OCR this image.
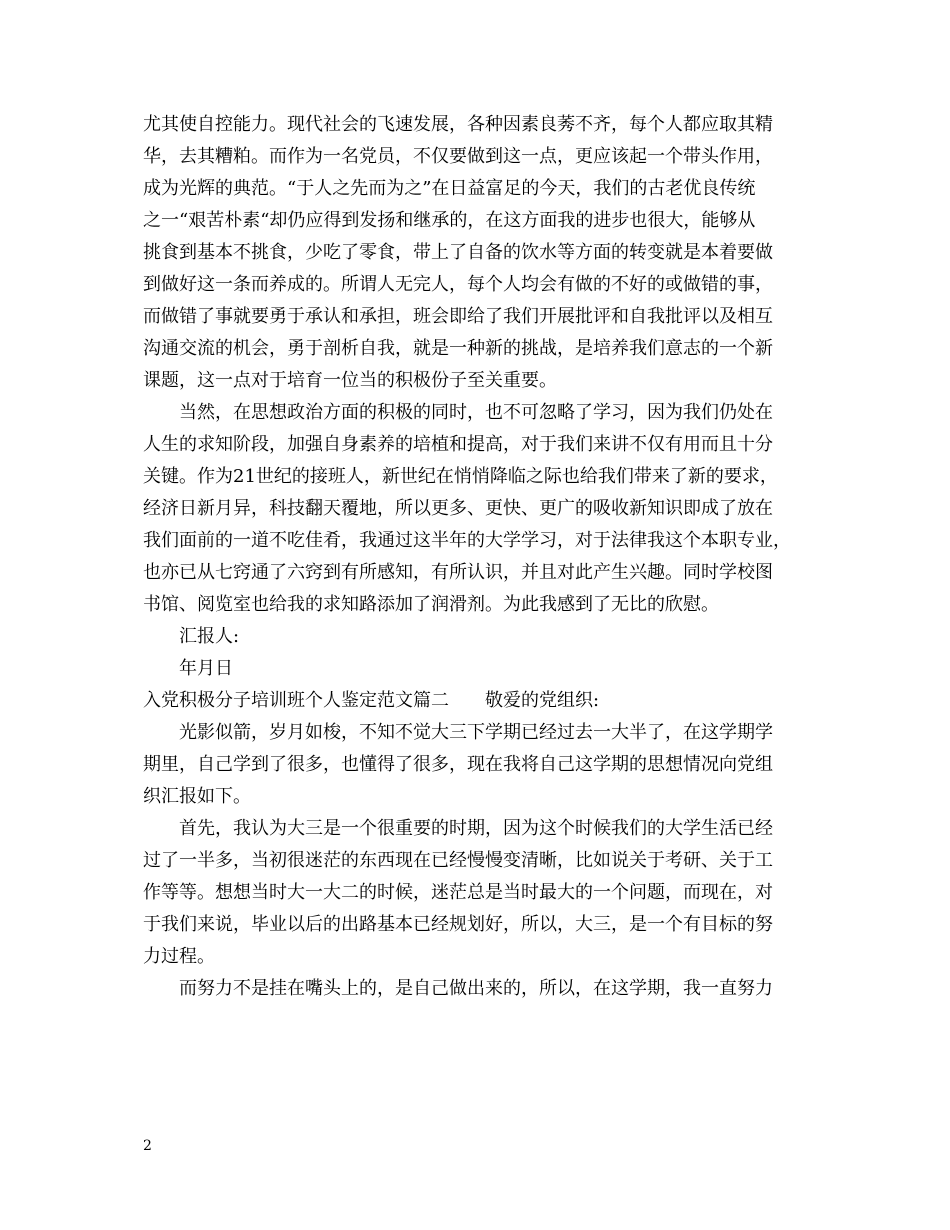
尤其使自控能力。现代社会的飞速发展，各种因素良莠不齐，每个人都应取其精
华，去其糟粕。而作为一名党员，不仅要做到这一点，更应该起一个带头作用，
成为光辉的典范。“于人之先而为之”在日益富足的今天，我们的古老优良传统
之一“艰苦朴素“却仍应得到发扬和继承的，在这方面我的进步也很大，能够从
挑食到基本不挑食，少吃了零食，带上了自备的饮水等方面的转变就是本着要做
到做好这一条而养成的。所谓人无完人，每个人均会有做的不好的或做错的事，
而做错了事就要勇于承认和承担，班会即给了我们开展批评和自我批评以及相互
沟通交流的机会，勇于剖析自我，就是一种新的挑战，是培养我们意志的一个新
课题，这一点对于培育一位当的积极份子至关重要。
当然，在思想政治方面的积极的同时，也不可忽略了学习，因为我们仍处在
人生的求知阶段，加强自身素养的培植和提高，对于我们来讲不仅有用而且十分
关键。作为21世纪的接班人，新世纪在悄悄降临之际也给我们带来了新的要求，
经济日新月异，科技翻天覆地，所以更多、更快、更广的吸收新知识即成了放在
我们面前的一道不吃佳肴，我通过这半年的大学学习，对于法律我这个本职专业，
也亦已从七窍通了六窍到有所感知，有所认识，并且对此产生兴趣。同时学校图
书馆、阅览室也给我的求知路添加了润滑剂。为此我感到了无比的欣慰。
汇报人:
年月日
入党积极分子培训班个人鉴定范文篇二　　敬爱的党组织:
光影似箭，岁月如梭，不知不觉大三下学期已经过去一大半了，在这学期学
期里，自己学到了很多，也懂得了很多，现在我将自己这学期的思想情况向党组
织汇报如下。
首先，我认为大三是一个很重要的时期，因为这个时候我们的大学生活已经
过了一半多，当初很迷茫的东西现在已经慢慢变清晰，比如说关于考研、关于工
作等等。想想当时大一大二的时候，迷茫总是当时最大的一个问题，而现在，对
于我们来说，毕业以后的出路基本已经规划好，所以，大三，是一个有目标的努
力过程。
而努力不是挂在嘴头上的，是自己做出来的，所以，在这学期，我一直努力
2
